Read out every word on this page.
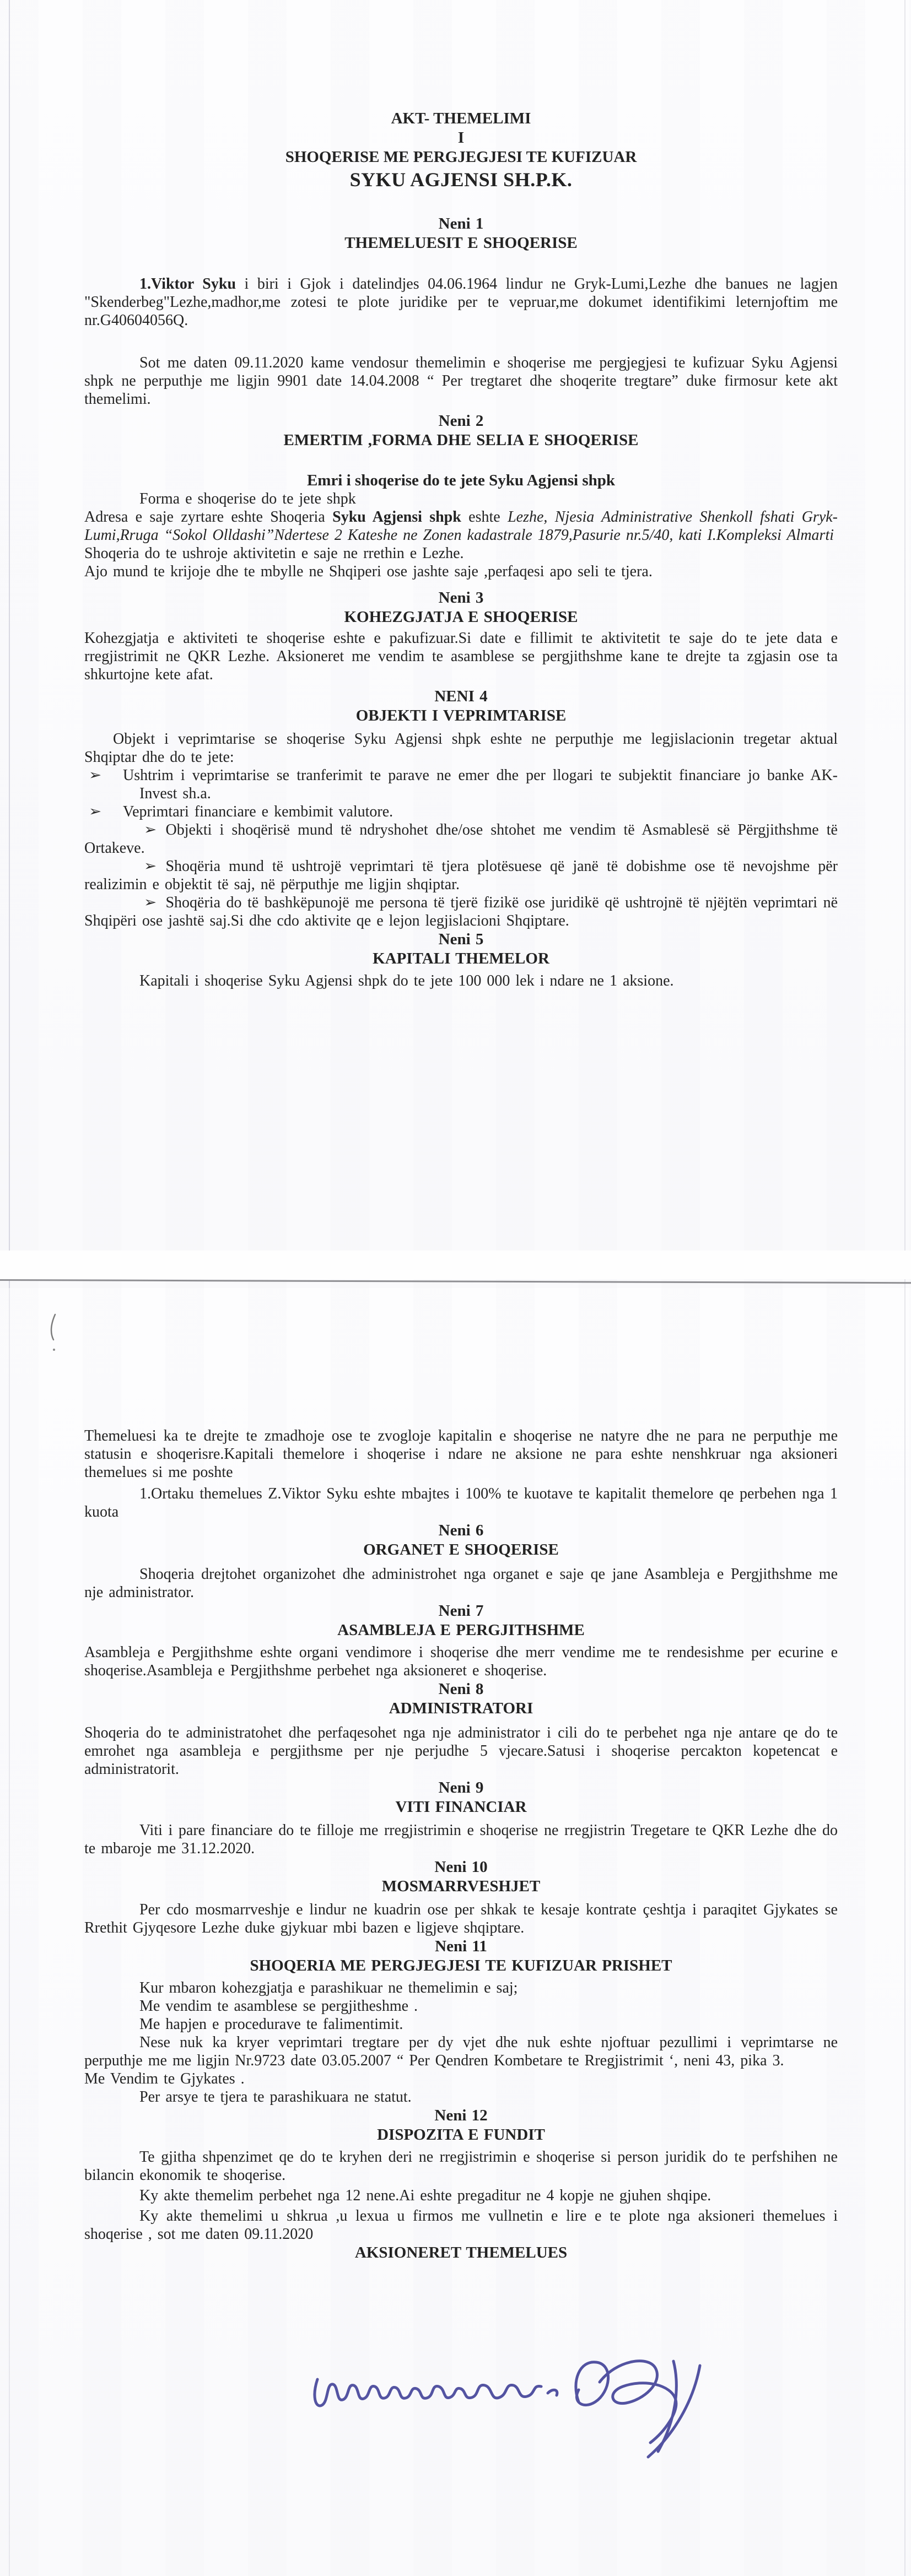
AKT- THEMELIMI
I
SHOQERISE ME PERGJEGJESI TE KUFIZUAR
SYKU AGJENSI SH.P.K.
Neni 1
THEMELUESIT E SHOQERISE

1.Viktor Syku i biri i Gjok i datelindjes 04.06.1964 lindur ne Gryk-Lumi,Lezhe dhe banues ne lagjen "Skenderbeg"Lezhe,madhor,me zotesi te plote juridike per te vepruar,me dokumet identifikimi leternjoftim me nr.G40604056Q.

Sot me daten 09.11.2020 kame vendosur themelimin e shoqerise me pergjegjesi te kufizuar Syku Agjensi shpk ne perputhje me ligjin 9901 date 14.04.2008 “ Per tregtaret dhe shoqerite tregtare” duke firmosur kete akt themelimi.

Neni 2
EMERTIM ,FORMA DHE SELIA E SHOQERISE
Emri i shoqerise do te jete Syku Agjensi shpk

Forma e shoqerise do te jete shpk

Adresa e saje zyrtare eshte Shoqeria Syku Agjensi shpk eshte Lezhe, Njesia Administrative Shenkoll fshati Gryk-Lumi,Rruga “Sokol Olldashi”Ndertese 2 Kateshe ne Zonen kadastrale 1879,Pasurie nr.5/40, kati I.Kompleksi Almarti

Shoqeria do te ushroje aktivitetin e saje ne rrethin e Lezhe.

Ajo mund te krijoje dhe te mbylle ne Shqiperi ose jashte saje ,perfaqesi apo seli te tjera.

Neni 3
KOHEZGJATJA E SHOQERISE

Kohezgjatja e aktiviteti te shoqerise eshte e pakufizuar.Si date e fillimit te aktivitetit te saje do te jete data e rregjistrimit ne QKR Lezhe. Aksioneret me vendim te asamblese se pergjithshme kane te drejte ta zgjasin ose ta shkurtojne kete afat.

NENI 4
OBJEKTI I VEPRIMTARISE

Objekt i veprimtarise se shoqerise Syku Agjensi shpk eshte ne perputhje me legjislacionin tregetar aktual Shqiptar dhe do te jete:

➢ Ushtrim i veprimtarise se tranferimit te parave ne emer dhe per llogari te subjektit financiare jo banke AK-Invest sh.a.
➢ Veprimtari financiare e kembimit valutore.
➢ Objekti i shoqërisë mund të ndryshohet dhe/ose shtohet me vendim të Asmablesë së Përgjithshme të Ortakeve.
➢ Shoqëria mund të ushtrojë veprimtari të tjera plotësuese që janë të dobishme ose të nevojshme për realizimin e objektit të saj, në përputhje me ligjin shqiptar.
➢ Shoqëria do të bashkëpunojë me persona të tjerë fizikë ose juridikë që ushtrojnë të njëjtën veprimtari në Shqipëri ose jashtë saj.Si dhe cdo aktivite qe e lejon legjislacioni Shqiptare.
Neni 5
KAPITALI THEMELOR

Kapitali i shoqerise Syku Agjensi shpk do te jete 100 000 lek i ndare ne 1 aksione.

Themeluesi ka te drejte te zmadhoje ose te zvogloje kapitalin e shoqerise ne natyre dhe ne para ne perputhje me statusin e shoqerisre.Kapitali themelore i shoqerise i ndare ne aksione ne para eshte nenshkruar nga aksioneri themelues si me poshte

1.Ortaku themelues Z.Viktor Syku eshte mbajtes i 100% te kuotave te kapitalit themelore qe perbehen nga 1 kuota

Neni 6
ORGANET E SHOQERISE

Shoqeria drejtohet organizohet dhe administrohet nga organet e saje qe jane Asambleja e Pergjithshme me nje administrator.

Neni 7
ASAMBLEJA E PERGJITHSHME

Asambleja e Pergjithshme eshte organi vendimore i shoqerise dhe merr vendime me te rendesishme per ecurine e shoqerise.Asambleja e Pergjithshme perbehet nga aksioneret e shoqerise.

Neni 8
ADMINISTRATORI

Shoqeria do te administratohet dhe perfaqesohet nga nje administrator i cili do te perbehet nga nje antare qe do te emrohet nga asambleja e pergjithsme per nje perjudhe 5 vjecare.Satusi i shoqerise percakton kopetencat e administratorit.

Neni 9
VITI FINANCIAR

Viti i pare financiare do te filloje me rregjistrimin e shoqerise ne rregjistrin Tregetare te QKR Lezhe dhe do te mbaroje me 31.12.2020.

Neni 10
MOSMARRVESHJET

Per cdo mosmarrveshje e lindur ne kuadrin ose per shkak te kesaje kontrate çeshtja i paraqitet Gjykates se Rrethit Gjyqesore Lezhe duke gjykuar mbi bazen e ligjeve shqiptare.

Neni 11
SHOQERIA ME PERGJEGJESI TE KUFIZUAR PRISHET

Kur mbaron kohezgjatja e parashikuar ne themelimin e saj;

Me vendim te asamblese se pergjitheshme .

Me hapjen e procedurave te falimentimit.

Nese nuk ka kryer veprimtari tregtare per dy vjet dhe nuk eshte njoftuar pezullimi i veprimtarse ne perputhje me me ligjin Nr.9723 date 03.05.2007 “ Per Qendren Kombetare te Rregjistrimit ‘, neni 43, pika 3.

Me Vendim te Gjykates .

Per arsye te tjera te parashikuara ne statut.

Neni 12
DISPOZITA E FUNDIT

Te gjitha shpenzimet qe do te kryhen deri ne rregjistrimin e shoqerise si person juridik do te perfshihen ne bilancin ekonomik te shoqerise.

Ky akte themelim perbehet nga 12 nene.Ai eshte pregaditur ne 4 kopje ne gjuhen shqipe.

Ky akte themelimi u shkrua ,u lexua u firmos me vullnetin e lire e te plote nga aksioneri themelues i shoqerise , sot me daten 09.11.2020

AKSIONERET THEMELUES
